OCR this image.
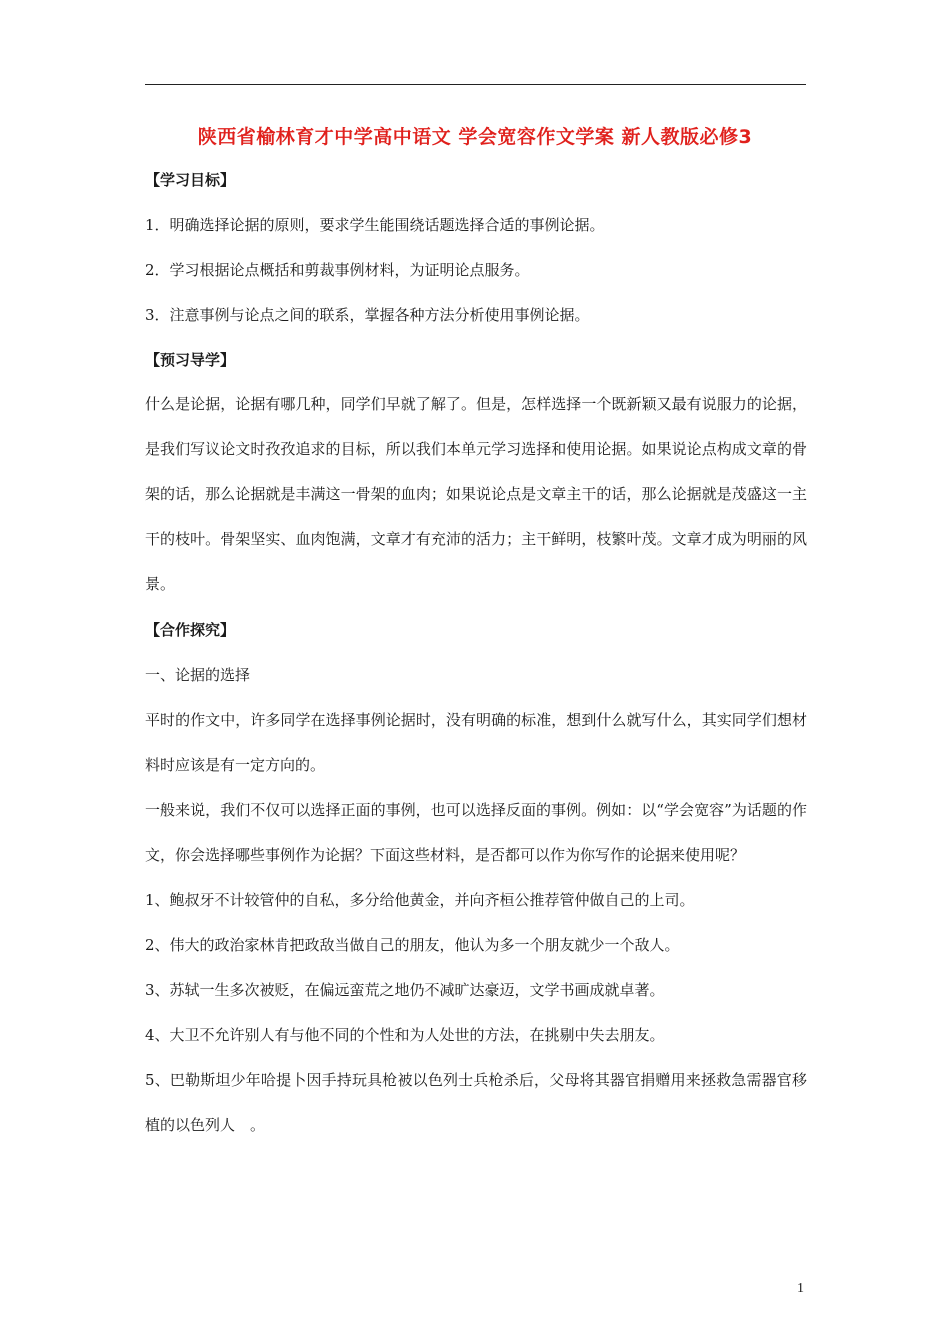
陕西省榆林育才中学高中语文 学会宽容作文学案 新人教版必修3

【学习目标】

1．明确选择论据的原则，要求学生能围绕话题选择合适的事例论据。

2．学习根据论点概括和剪裁事例材料，为证明论点服务。

3．注意事例与论点之间的联系，掌握各种方法分析使用事例论据。

【预习导学】

什么是论据，论据有哪几种，同学们早就了解了。但是，怎样选择一个既新颖又最有说服力的论据，是我们写议论文时孜孜追求的目标，所以我们本单元学习选择和使用论据。如果说论点构成文章的骨架的话，那么论据就是丰满这一骨架的血肉；如果说论点是文章主干的话，那么论据就是茂盛这一主干的枝叶。骨架坚实、血肉饱满，文章才有充沛的活力；主干鲜明，枝繁叶茂。文章才成为明丽的风景。

【合作探究】

一、论据的选择

平时的作文中，许多同学在选择事例论据时，没有明确的标准，想到什么就写什么，其实同学们想材料时应该是有一定方向的。

一般来说，我们不仅可以选择正面的事例，也可以选择反面的事例。例如：以“学会宽容”为话题的作文，你会选择哪些事例作为论据？下面这些材料，是否都可以作为你写作的论据来使用呢？

1、鲍叔牙不计较管仲的自私，多分给他黄金，并向齐桓公推荐管仲做自己的上司。

2、伟大的政治家林肯把政敌当做自己的朋友，他认为多一个朋友就少一个敌人。

3、苏轼一生多次被贬，在偏远蛮荒之地仍不减旷达豪迈，文学书画成就卓著。

4、大卫不允许别人有与他不同的个性和为人处世的方法，在挑剔中失去朋友。

5、巴勒斯坦少年哈提卜因手持玩具枪被以色列士兵枪杀后，父母将其器官捐赠用来拯救急需器官移植的以色列人　。

1
